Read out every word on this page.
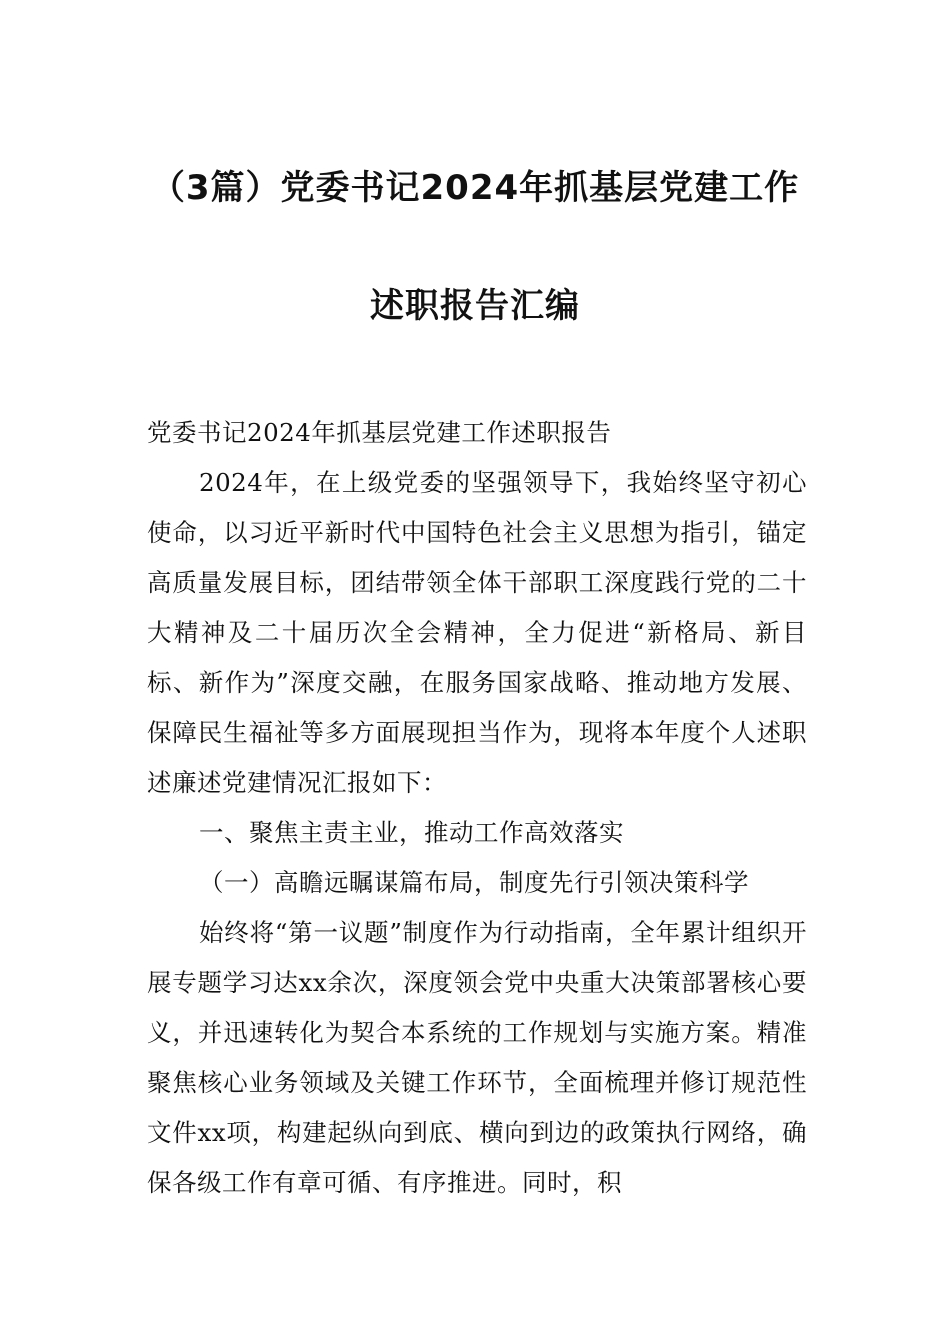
（3篇）党委书记2024年抓基层党建工作
述职报告汇编
党委书记2024年抓基层党建工作述职报告
2024年，在上级党委的坚强领导下，我始终坚守初心使命，以习近平新时代中国特色社会主义思想为指引，锚定高质量发展目标，团结带领全体干部职工深度践行党的二十大精神及二十届历次全会精神，全力促进“新格局、新目标、新作为”深度交融，在服务国家战略、推动地方发展、保障民生福祉等多方面展现担当作为，现将本年度个人述职述廉述党建情况汇报如下：
一、聚焦主责主业，推动工作高效落实
（一）高瞻远瞩谋篇布局，制度先行引领决策科学
始终将“第一议题”制度作为行动指南，全年累计组织开展专题学习达xx余次，深度领会党中央重大决策部署核心要义，并迅速转化为契合本系统的工作规划与实施方案。精准聚焦核心业务领域及关键工作环节，全面梳理并修订规范性文件xx项，构建起纵向到底、横向到边的政策执行网络，确保各级工作有章可循、有序推进。同时，积
